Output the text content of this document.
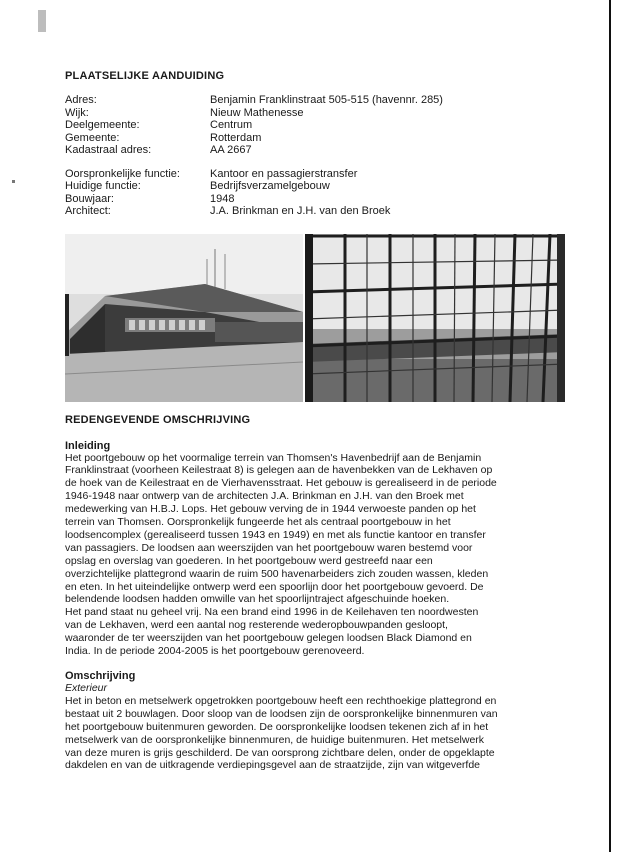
PLAATSELIJKE AANDUIDING
Adres:	Benjamin Franklinstraat 505-515 (havennr. 285)
Wijk:	Nieuw Mathenesse
Deelgemeente:	Centrum
Gemeente:	Rotterdam
Kadastraal adres:	AA 2667

Oorspronkelijke functie:	Kantoor en passagierstransfer
Huidige functie:	Bedrijfsverzamelgebouw
Bouwjaar:	1948
Architect:	J.A. Brinkman en J.H. van den Broek
REDENGEVENDE OMSCHRIJVING
Inleiding

Het poortgebouw op het voormalige terrein van Thomsen's Havenbedrijf aan de Benjamin

Franklinstraat (voorheen Keilestraat 8) is gelegen aan de havenbekken van de Lekhaven op

de hoek van de Keilestraat en de Vierhavensstraat. Het gebouw is gerealiseerd in de periode

1946-1948 naar ontwerp van de architecten J.A. Brinkman en J.H. van den Broek met

medewerking van H.B.J. Lops. Het gebouw verving de in 1944 verwoeste panden op het

terrein van Thomsen. Oorspronkelijk fungeerde het als centraal poortgebouw in het

loodsencomplex (gerealiseerd tussen 1943 en 1949) en met als functie kantoor en transfer

van passagiers. De loodsen aan weerszijden van het poortgebouw waren bestemd voor

opslag en overslag van goederen. In het poortgebouw werd gestreefd naar een

overzichtelijke plattegrond waarin de ruim 500 havenarbeiders zich zouden wassen, kleden

en eten. In het uiteindelijke ontwerp werd een spoorlijn door het poortgebouw gevoerd. De

belendende loodsen hadden omwille van het spoorlijntraject afgeschuinde hoeken.

Het pand staat nu geheel vrij. Na een brand eind 1996 in de Keilehaven ten noordwesten

van de Lekhaven, werd een aantal nog resterende wederopbouwpanden gesloopt,

waaronder de ter weerszijden van het poortgebouw gelegen loodsen Black Diamond en

India. In de periode 2004-2005 is het poortgebouw gerenoveerd.

Omschrijving
Exterieur

Het in beton en metselwerk opgetrokken poortgebouw heeft een rechthoekige plattegrond en

bestaat uit 2 bouwlagen. Door sloop van de loodsen zijn de oorspronkelijke binnenmuren van

het poortgebouw buitenmuren geworden. De oorspronkelijke loodsen tekenen zich af in het

metselwerk van de oorspronkelijke binnenmuren, de huidige buitenmuren. Het metselwerk

van deze muren is grijs geschilderd. De van oorsprong zichtbare delen, onder de opgeklapte

dakdelen en van de uitkragende verdiepingsgevel aan de straatzijde, zijn van witgeverfde
